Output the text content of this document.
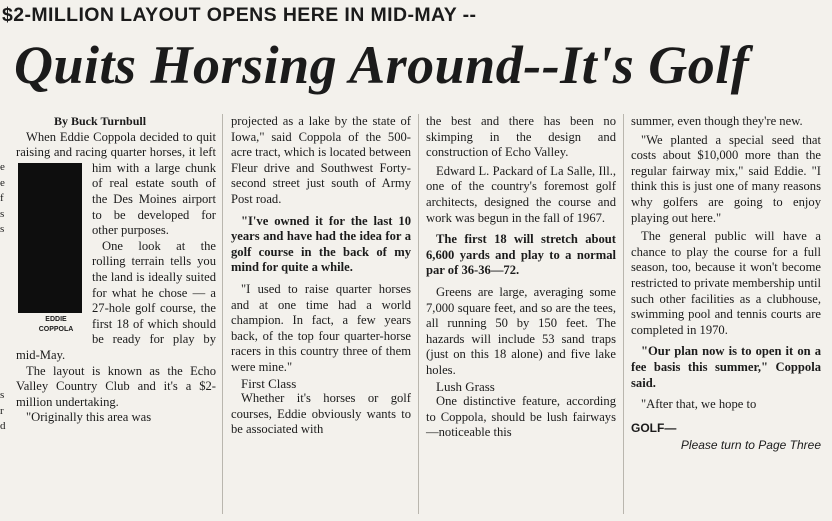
$2-MILLION LAYOUT OPENS HERE IN MID-MAY --
Quits Horsing Around--It's Golf
e
e
f
s
s
s
r
d

By Buck Turnbull

When Eddie Coppola decided to quit raising and racing quarter horses, it left
EDDIE
COPPOLA
him with a large chunk of real estate south of the Des Moines airport to be developed for other purposes.

One look at the rolling terrain tells you the land is ideally suited for what he chose — a 27-hole golf course, the first 18 of which should be ready for play by mid-May.

The layout is known as the Echo Valley Country Club and it's a $2-million undertaking.

"Originally this area was

projected as a lake by the state of Iowa," said Coppola of the 500-acre tract, which is located between Fleur drive and Southwest Forty-second street just south of Army Post road.

"I've owned it for the last 10 years and have had the idea for a golf course in the back of my mind for quite a while.

"I used to raise quarter horses and at one time had a world champion. In fact, a few years back, of the top four quarter-horse racers in this country three of them were mine."

First Class

Whether it's horses or golf courses, Eddie obviously wants to be associated with

the best and there has been no skimping in the design and construction of Echo Valley.

Edward L. Packard of La Salle, Ill., one of the country's foremost golf architects, designed the course and work was begun in the fall of 1967.

The first 18 will stretch about 6,600 yards and play to a normal par of 36-36—72.

Greens are large, averaging some 7,000 square feet, and so are the tees, all running 50 by 150 feet. The hazards will include 53 sand traps (just on this 18 alone) and five lake holes.

Lush Grass

One distinctive feature, according to Coppola, should be lush fairways—noticeable this

summer, even though they're new.

"We planted a special seed that costs about $10,000 more than the regular fairway mix," said Eddie. "I think this is just one of many reasons why golfers are going to enjoy playing out here."

The general public will have a chance to play the course for a full season, too, because it won't become restricted to private membership until such other facilities as a clubhouse, swimming pool and tennis courts are completed in 1970.

"Our plan now is to open it on a fee basis this summer," Coppola said.

"After that, we hope to

GOLF—
Please turn to Page Three
